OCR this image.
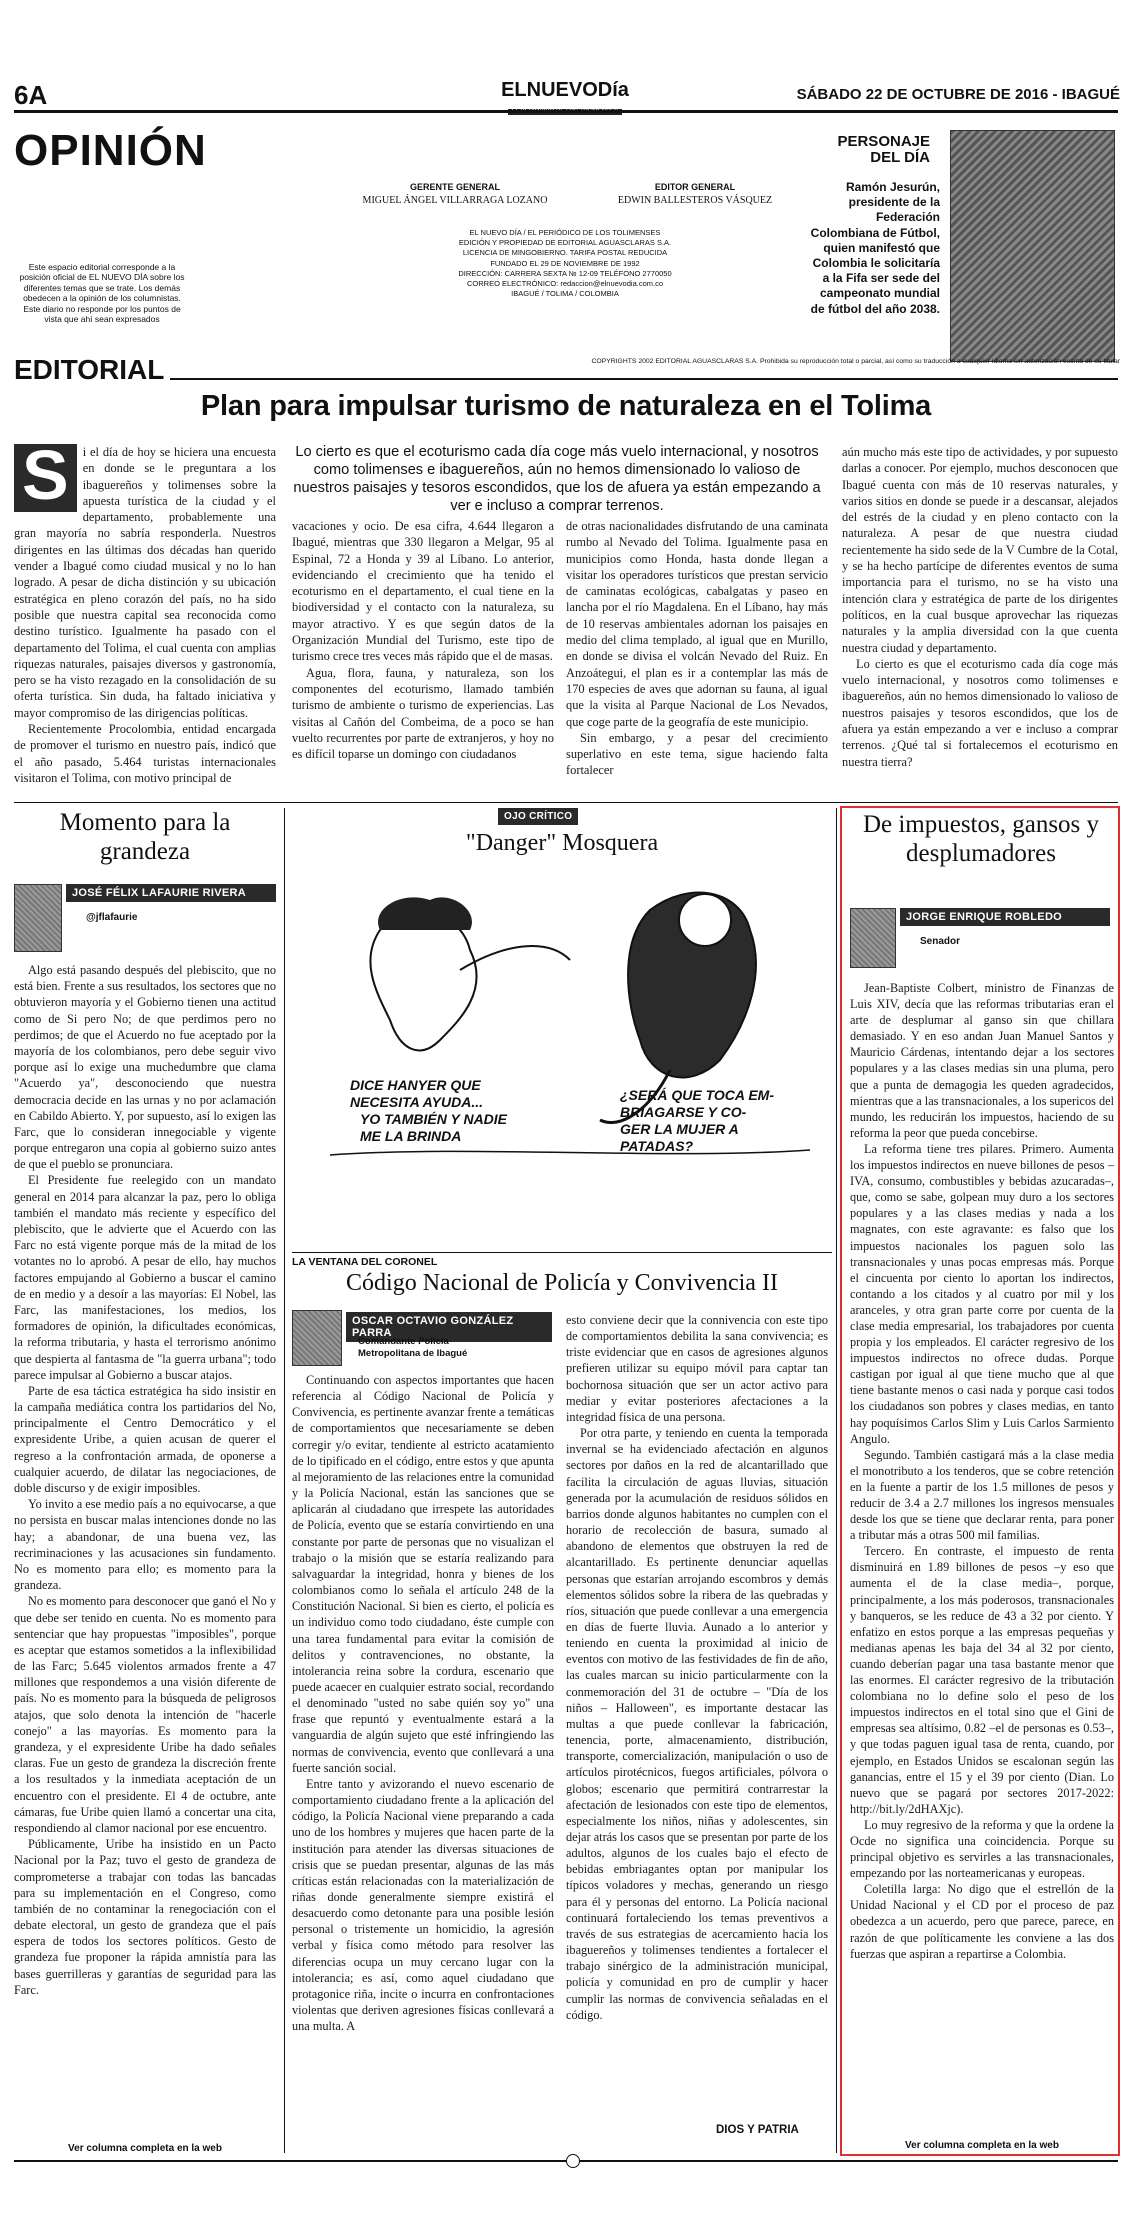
6A	ELNUEVODía	SÁBADO 22 DE OCTUBRE DE 2016 - IBAGUÉ
OPINIÓN
Este espacio editorial corresponde a la posición oficial de EL NUEVO DÍA sobre los diferentes temas que se trate. Los demás obedecen a la opinión de los columnistas. Este diario no responde por los puntos de vista que ahí sean expresados
GERENTE GENERAL
MIGUEL ÁNGEL VILLARRAGA LOZANO
EDITOR GENERAL
EDWIN BALLESTEROS VÁSQUEZ
EL NUEVO DÍA / EL PERIÓDICO DE LOS TOLIMENSES
EDICIÓN Y PROPIEDAD DE EDITORIAL AGUASCLARAS S.A.
LICENCIA DE MINGOBIERNO. TARIFA POSTAL REDUCIDA
FUNDADO EL 29 DE NOVIEMBRE DE 1992
DIRECCIÓN: CARRERA SEXTA № 12-09 TELÉFONO 2770050
CORREO ELECTRÓNICO: redaccion@elnuevodia.com.co
IBAGUÉ / TOLIMA / COLOMBIA
PERSONAJE
DEL DÍA
Ramón Jesurún, presidente de la Federación Colombiana de Fútbol, quien manifestó que Colombia le solicitaría a la Fifa ser sede del campeonato mundial de fútbol del año 2038.
COPYRIGHTS 2002 EDITORIAL AGUASCLARAS S.A. Prohibida su reproducción total o parcial, así como su traducción a cualquier idioma sin autorización escrita de su titular
EDITORIAL
Plan para impulsar turismo de naturaleza en el Tolima
S	i el día de hoy se hiciera una encuesta en donde se le preguntara a los ibaguereños y tolimenses sobre la apuesta turística de la ciudad y el departamento, probablemente una gran mayoría no sabría responderla. Nuestros dirigentes en las últimas dos décadas han querido vender a Ibagué como ciudad musical y no lo han logrado. A pesar de dicha distinción y su ubicación estratégica en pleno corazón del país, no ha sido posible que nuestra capital sea reconocida como destino turístico. Igualmente ha pasado con el departamento del Tolima, el cual cuenta con amplias riquezas naturales, paisajes diversos y gastronomía, pero se ha visto rezagado en la consolidación de su oferta turística. Sin duda, ha faltado iniciativa y mayor compromiso de las dirigencias políticas.

Recientemente Procolombia, entidad encargada de promover el turismo en nuestro país, indicó que el año pasado, 5.464 turistas internacionales visitaron el Tolima, con motivo principal de

Lo cierto es que el ecoturismo cada día coge más vuelo internacional, y nosotros como tolimenses e ibaguereños, aún no hemos dimensionado lo valioso de nuestros paisajes y tesoros escondidos, que los de afuera ya están empezando a ver e incluso a comprar terrenos.

vacaciones y ocio. De esa cifra, 4.644 llegaron a Ibagué, mientras que 330 llegaron a Melgar, 95 al Espinal, 72 a Honda y 39 al Líbano. Lo anterior, evidenciando el crecimiento que ha tenido el ecoturismo en el departamento, el cual tiene en la biodiversidad y el contacto con la naturaleza, su mayor atractivo. Y es que según datos de la Organización Mundial del Turismo, este tipo de turismo crece tres veces más rápido que el de masas.

Agua, flora, fauna, y naturaleza, son los componentes del ecoturismo, llamado también turismo de ambiente o turismo de experiencias. Las visitas al Cañón del Combeima, de a poco se han vuelto recurrentes por parte de extranjeros, y hoy no es difícil toparse un domingo con ciudadanos

de otras nacionalidades disfrutando de una caminata rumbo al Nevado del Tolima. Igualmente pasa en municipios como Honda, hasta donde llegan a visitar los operadores turísticos que prestan servicio de caminatas ecológicas, cabalgatas y paseo en lancha por el río Magdalena. En el Líbano, hay más de 10 reservas ambientales adornan los paisajes en medio del clima templado, al igual que en Murillo, en donde se divisa el volcán Nevado del Ruiz. En Anzoátegui, el plan es ir a contemplar las más de 170 especies de aves que adornan su fauna, al igual que la visita al Parque Nacional de Los Nevados, que coge parte de la geografía de este municipio.

Sin embargo, y a pesar del crecimiento superlativo en este tema, sigue haciendo falta fortalecer

aún mucho más este tipo de actividades, y por supuesto darlas a conocer. Por ejemplo, muchos desconocen que Ibagué cuenta con más de 10 reservas naturales, y varios sitios en donde se puede ir a descansar, alejados del estrés de la ciudad y en pleno contacto con la naturaleza. A pesar de que nuestra ciudad recientemente ha sido sede de la V Cumbre de la Cotal, y se ha hecho partícipe de diferentes eventos de suma importancia para el turismo, no se ha visto una intención clara y estratégica de parte de los dirigentes políticos, en la cual busque aprovechar las riquezas naturales y la amplia diversidad con la que cuenta nuestra ciudad y departamento.

Lo cierto es que el ecoturismo cada día coge más vuelo internacional, y nosotros como tolimenses e ibaguereños, aún no hemos dimensionado lo valioso de nuestros paisajes y tesoros escondidos, que los de afuera ya están empezando a ver e incluso a comprar terrenos. ¿Qué tal si fortalecemos el ecoturismo en nuestra tierra?

Momento para la grandeza
JOSÉ FÉLIX LAFAURIE RIVERA
@jflafaurie

Algo está pasando después del plebiscito, que no está bien. Frente a sus resultados, los sectores que no obtuvieron mayoría y el Gobierno tienen una actitud como de Si pero No; de que perdimos pero no perdimos; de que el Acuerdo no fue aceptado por la mayoría de los colombianos, pero debe seguir vivo porque así lo exige una muchedumbre que clama "Acuerdo ya", desconociendo que nuestra democracia decide en las urnas y no por aclamación en Cabildo Abierto. Y, por supuesto, así lo exigen las Farc, que lo consideran innegociable y vigente porque entregaron una copia al gobierno suizo antes de que el pueblo se pronunciara.

El Presidente fue reelegido con un mandato general en 2014 para alcanzar la paz, pero lo obliga también el mandato más reciente y específico del plebiscito, que le advierte que el Acuerdo con las Farc no está vigente porque más de la mitad de los votantes no lo aprobó. A pesar de ello, hay muchos factores empujando al Gobierno a buscar el camino de en medio y a desoír a las mayorías: El Nobel, las Farc, las manifestaciones, los medios, los formadores de opinión, la dificultades económicas, la reforma tributaria, y hasta el terrorismo anónimo que despierta al fantasma de "la guerra urbana"; todo parece impulsar al Gobierno a buscar atajos.

Parte de esa táctica estratégica ha sido insistir en la campaña mediática contra los partidarios del No, principalmente el Centro Democrático y el expresidente Uribe, a quien acusan de querer el regreso a la confrontación armada, de oponerse a cualquier acuerdo, de dilatar las negociaciones, de doble discurso y de exigir imposibles.

Yo invito a ese medio país a no equivocarse, a que no persista en buscar malas intenciones donde no las hay; a abandonar, de una buena vez, las recriminaciones y las acusaciones sin fundamento. No es momento para ello; es momento para la grandeza.

No es momento para desconocer que ganó el No y que debe ser tenido en cuenta. No es momento para sentenciar que hay propuestas "imposibles", porque es aceptar que estamos sometidos a la inflexibilidad de las Farc; 5.645 violentos armados frente a 47 millones que respondemos a una visión diferente de país. No es momento para la búsqueda de peligrosos atajos, que solo denota la intención de "hacerle conejo" a las mayorías. Es momento para la grandeza, y el expresidente Uribe ha dado señales claras. Fue un gesto de grandeza la discreción frente a los resultados y la inmediata aceptación de un encuentro con el presidente. El 4 de octubre, ante cámaras, fue Uribe quien llamó a concertar una cita, respondiendo al clamor nacional por ese encuentro.

Públicamente, Uribe ha insistido en un Pacto Nacional por la Paz; tuvo el gesto de grandeza de comprometerse a trabajar con todas las bancadas para su implementación en el Congreso, como también de no contaminar la renegociación con el debate electoral, un gesto de grandeza que el país espera de todos los sectores políticos. Gesto de grandeza fue proponer la rápida amnistía para las bases guerrilleras y garantías de seguridad para las Farc.

Ver columna completa en la web
OJO CRÍTICO
"Danger" Mosquera
DICE HANYER QUE NECESITA AYUDA... YO TAMBIÉN Y NADIE ME LA BRINDA
¿SERÁ QUE TOCA EM- BRIAGARSE Y CO- GER LA MUJER A PATADAS?
LA VENTANA DEL CORONEL
Código Nacional de Policía y Convivencia II
OSCAR OCTAVIO GONZÁLEZ PARRA
Comandante Policía
Metropolitana de Ibagué

Continuando con aspectos importantes que hacen referencia al Código Nacional de Policía y Convivencia, es pertinente avanzar frente a temáticas de comportamientos que necesariamente se deben corregir y/o evitar, tendiente al estricto acatamiento de lo tipificado en el código, entre estos y que apunta al mejoramiento de las relaciones entre la comunidad y la Policía Nacional, están las sanciones que se aplicarán al ciudadano que irrespete las autoridades de Policía, evento que se estaría convirtiendo en una constante por parte de personas que no visualizan el trabajo o la misión que se estaría realizando para salvaguardar la integridad, honra y bienes de los colombianos como lo señala el artículo 248 de la Constitución Nacional. Si bien es cierto, el policía es un individuo como todo ciudadano, éste cumple con una tarea fundamental para evitar la comisión de delitos y contravenciones, no obstante, la intolerancia reina sobre la cordura, escenario que puede acaecer en cualquier estrato social, recordando el denominado "usted no sabe quién soy yo" una frase que repuntó y eventualmente estará a la vanguardia de algún sujeto que esté infringiendo las normas de convivencia, evento que conllevará a una fuerte sanción social.

Entre tanto y avizorando el nuevo escenario de comportamiento ciudadano frente a la aplicación del código, la Policía Nacional viene preparando a cada uno de los hombres y mujeres que hacen parte de la institución para atender las diversas situaciones de crisis que se puedan presentar, algunas de las más críticas están relacionadas con la materialización de riñas donde generalmente siempre existirá el desacuerdo como detonante para una posible lesión personal o tristemente un homicidio, la agresión verbal y física como método para resolver las diferencias ocupa un muy cercano lugar con la intolerancia; es así, como aquel ciudadano que protagonice riña, incite o incurra en confrontaciones violentas que deriven agresiones físicas conllevará a una multa. A

esto conviene decir que la connivencia con este tipo de comportamientos debilita la sana convivencia; es triste evidenciar que en casos de agresiones algunos prefieren utilizar su equipo móvil para captar tan bochornosa situación que ser un actor activo para mediar y evitar posteriores afectaciones a la integridad física de una persona.

Por otra parte, y teniendo en cuenta la temporada invernal se ha evidenciado afectación en algunos sectores por daños en la red de alcantarillado que facilita la circulación de aguas lluvias, situación generada por la acumulación de residuos sólidos en barrios donde algunos habitantes no cumplen con el horario de recolección de basura, sumado al abandono de elementos que obstruyen la red de alcantarillado. Es pertinente denunciar aquellas personas que estarían arrojando escombros y demás elementos sólidos sobre la ribera de las quebradas y ríos, situación que puede conllevar a una emergencia en días de fuerte lluvia. Aunado a lo anterior y teniendo en cuenta la proximidad al inicio de eventos con motivo de las festividades de fin de año, las cuales marcan su inicio particularmente con la conmemoración del 31 de octubre – "Día de los niños – Halloween", es importante destacar las multas a que puede conllevar la fabricación, tenencia, porte, almacenamiento, distribución, transporte, comercialización, manipulación o uso de artículos pirotécnicos, fuegos artificiales, pólvora o globos; escenario que permitirá contrarrestar la afectación de lesionados con este tipo de elementos, especialmente los niños, niñas y adolescentes, sin dejar atrás los casos que se presentan por parte de los adultos, algunos de los cuales bajo el efecto de bebidas embriagantes optan por manipular los típicos voladores y mechas, generando un riesgo para él y personas del entorno. La Policía nacional continuará fortaleciendo los temas preventivos a través de sus estrategias de acercamiento hacia los ibaguereños y tolimenses tendientes a fortalecer el trabajo sinérgico de la administración municipal, policía y comunidad en pro de cumplir y hacer cumplir las normas de convivencia señaladas en el código.

DIOS Y PATRIA
De impuestos, gansos y desplumadores
JORGE ENRIQUE ROBLEDO
Senador

Jean-Baptiste Colbert, ministro de Finanzas de Luis XIV, decía que las reformas tributarias eran el arte de desplumar al ganso sin que chillara demasiado. Y en eso andan Juan Manuel Santos y Mauricio Cárdenas, intentando dejar a los sectores populares y a las clases medias sin una pluma, pero que a punta de demagogia les queden agradecidos, mientras que a las transnacionales, a los supericos del mundo, les reducirán los impuestos, haciendo de su reforma la peor que pueda concebirse.

La reforma tiene tres pilares. Primero. Aumenta los impuestos indirectos en nueve billones de pesos –IVA, consumo, combustibles y bebidas azucaradas–, que, como se sabe, golpean muy duro a los sectores populares y a las clases medias y nada a los magnates, con este agravante: es falso que los impuestos nacionales los paguen solo las transnacionales y unas pocas empresas más. Porque el cincuenta por ciento lo aportan los indirectos, contando a los citados y al cuatro por mil y los aranceles, y otra gran parte corre por cuenta de la clase media empresarial, los trabajadores por cuenta propia y los empleados. El carácter regresivo de los impuestos indirectos no ofrece dudas. Porque castigan por igual al que tiene mucho que al que tiene bastante menos o casi nada y porque casi todos los ciudadanos son pobres y clases medias, en tanto hay poquísimos Carlos Slim y Luis Carlos Sarmiento Angulo.

Segundo. También castigará más a la clase media el monotributo a los tenderos, que se cobre retención en la fuente a partir de los 1.5 millones de pesos y reducir de 3.4 a 2.7 millones los ingresos mensuales desde los que se tiene que declarar renta, para poner a tributar más a otras 500 mil familias.

Tercero. En contraste, el impuesto de renta disminuirá en 1.89 billones de pesos –y eso que aumenta el de la clase media–, porque, principalmente, a los más poderosos, transnacionales y banqueros, se les reduce de 43 a 32 por ciento. Y enfatizo en estos porque a las empresas pequeñas y medianas apenas les baja del 34 al 32 por ciento, cuando deberían pagar una tasa bastante menor que las enormes. El carácter regresivo de la tributación colombiana no lo define solo el peso de los impuestos indirectos en el total sino que el Gini de empresas sea altísimo, 0.82 –el de personas es 0.53–, y que todas paguen igual tasa de renta, cuando, por ejemplo, en Estados Unidos se escalonan según las ganancias, entre el 15 y el 39 por ciento (Dian. Lo nuevo que se pagará por sectores 2017-2022: http://bit.ly/2dHAXjc).

Lo muy regresivo de la reforma y que la ordene la Ocde no significa una coincidencia. Porque su principal objetivo es servirles a las transnacionales, empezando por las norteamericanas y europeas.

Coletilla larga: No digo que el estrellón de la Unidad Nacional y el CD por el proceso de paz obedezca a un acuerdo, pero que parece, parece, en razón de que políticamente les conviene a las dos fuerzas que aspiran a repartirse a Colombia.

Ver columna completa en la web
